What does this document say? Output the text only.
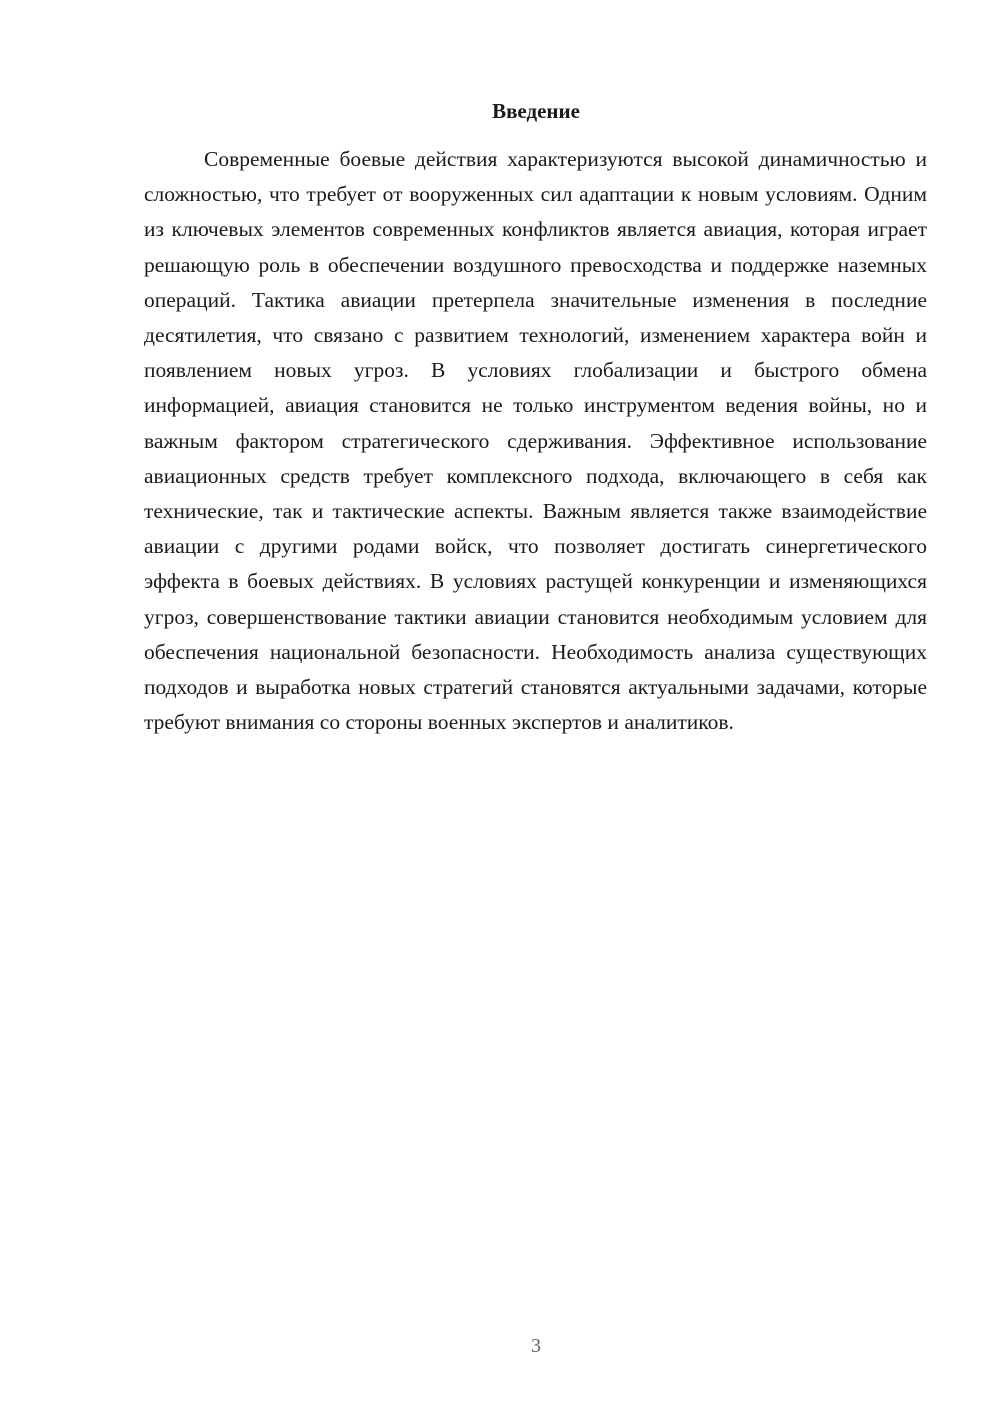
Введение

Современные боевые действия характеризуются высокой динамичностью и сложностью, что требует от вооруженных сил адаптации к новым условиям. Одним из ключевых элементов современных конфликтов является авиация, которая играет решающую роль в обеспечении воздушного превосходства и поддержке наземных операций. Тактика авиации претерпела значительные изменения в последние десятилетия, что связано с развитием технологий, изменением характера войн и появлением новых угроз. В условиях глобализации и быстрого обмена информацией, авиация становится не только инструментом ведения войны, но и важным фактором стратегического сдерживания. Эффективное использование авиационных средств требует комплексного подхода, включающего в себя как технические, так и тактические аспекты. Важным является также взаимодействие авиации с другими родами войск, что позволяет достигать синергетического эффекта в боевых действиях. В условиях растущей конкуренции и изменяющихся угроз, совершенствование тактики авиации становится необходимым условием для обеспечения национальной безопасности. Необходимость анализа существующих подходов и выработка новых стратегий становятся актуальными задачами, которые требуют внимания со стороны военных экспертов и аналитиков.

3
